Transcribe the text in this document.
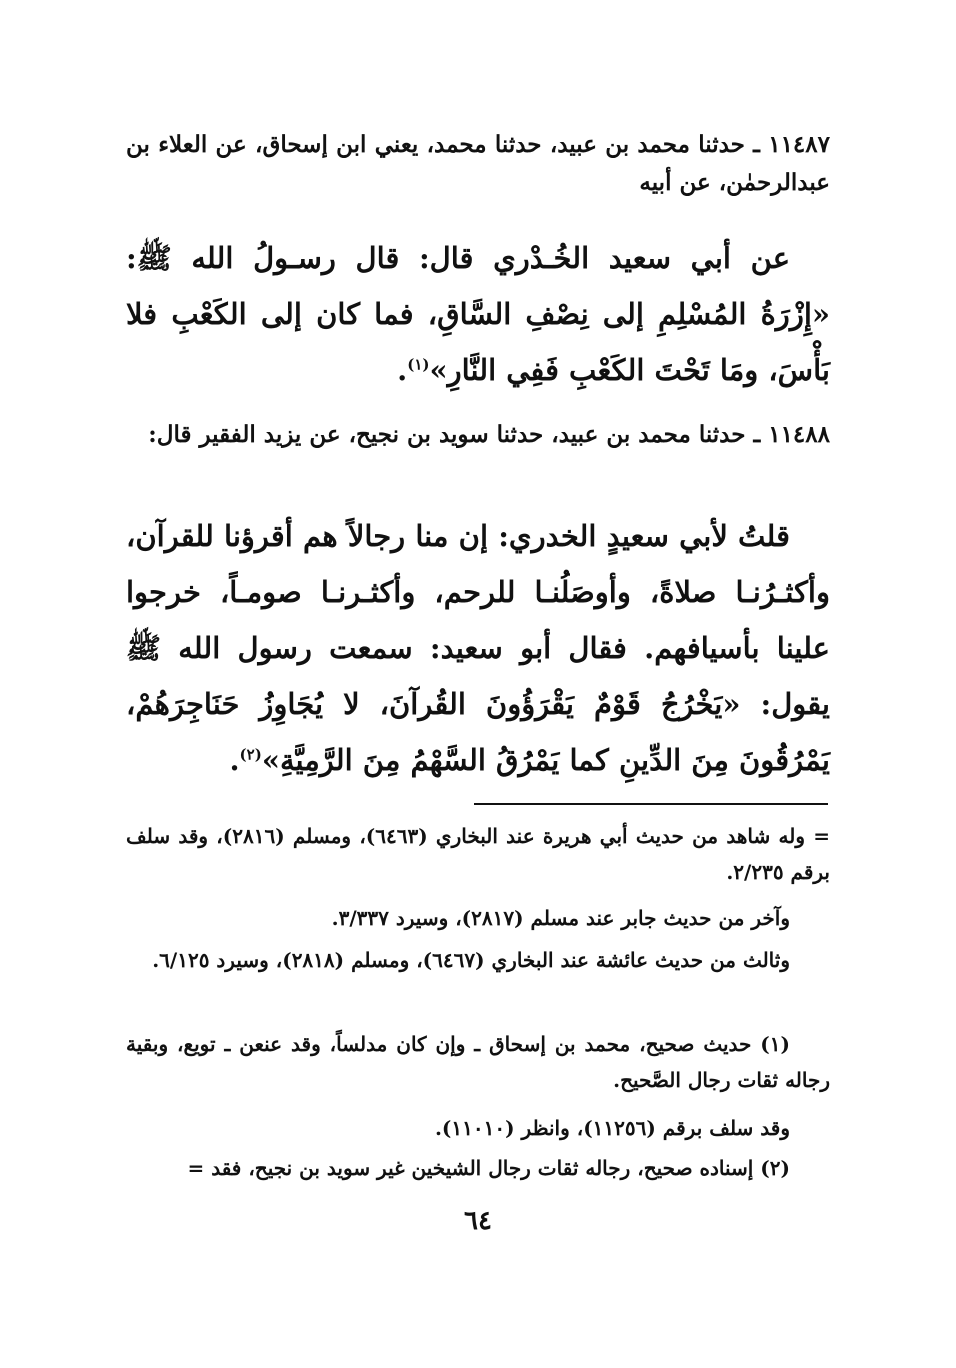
١١٤٨٧ ـ حدثنا محمد بن عبيد، حدثنا محمد، يعني ابن إسحاق، عن العلاء بن عبدالرحمٰن، عن أبيه

عن أبي سعيد الخُـدْري قال: قال رسـولُ الله ﷺ: «إِزْرَةُ المُسْلِمِ إلى نِصْفِ السَّاقِ، فما كان إلى الكَعْبِ فلا بَأْسَ، ومَا تَحْتَ الكَعْبِ فَفِي النَّارِ»$^{(١)}$.

١١٤٨٨ ـ حدثنا محمد بن عبيد، حدثنا سويد بن نجيح، عن يزيد الفقير قال:

قلتُ لأبي سعيدٍ الخدري: إن منا رجالاً هم أقرؤنا للقرآن، وأكثـرُنـا صلاةً، وأوصَلُنـا للرحم، وأكثـرنـا صومـاً، خرجوا علينا بأسيافهم. فقال أبو سعيد: سمعت رسول الله ﷺ يقول: «يَخْرُجُ قَوْمٌ يَقْرَؤُونَ القُرآنَ، لا يُجَاوِزُ حَنَاجِرَهُمْ، يَمْرُقُونَ مِنَ الدِّينِ كما يَمْرُقُ السَّهْمُ مِنَ الرَّمِيَّةِ»$^{(٢)}$.

= وله شاهد من حديث أبي هريرة عند البخاري (٦٤٦٣)، ومسلم (٢٨١٦)، وقد سلف برقم ٢/٢٣٥.

وآخر من حديث جابر عند مسلم (٢٨١٧)، وسيرد ٣/٣٣٧.

وثالث من حديث عائشة عند البخاري (٦٤٦٧)، ومسلم (٢٨١٨)، وسيرد ٦/١٢٥.

(١) حديث صحيح، محمد بن إسحاق ـ وإن كان مدلساً، وقد عنعن ـ تويع، وبقية رجاله ثقات رجال الصَّحيح.

وقد سلف برقم (١١٢٥٦)، وانظر (١١٠١٠).

(٢) إسناده صحيح، رجاله ثقات رجال الشيخين غير سويد بن نجيح، فقد =

٦٤
